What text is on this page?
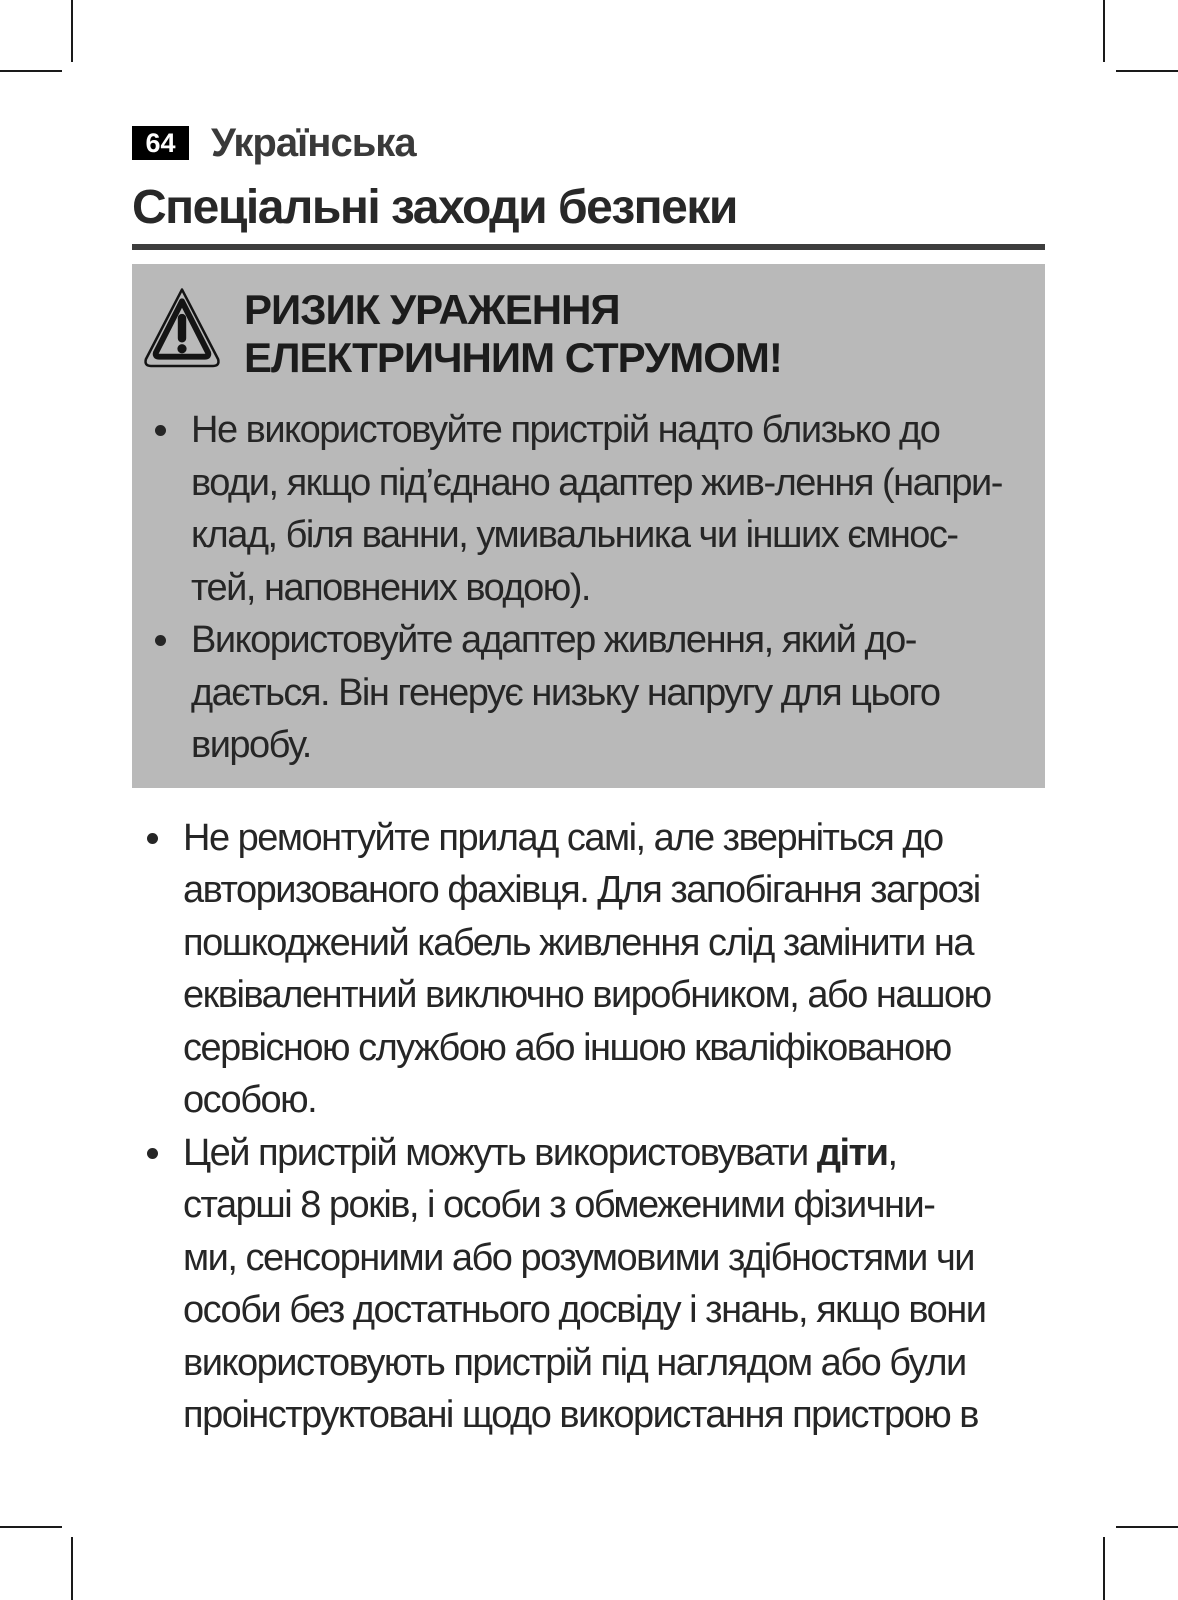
64 Українська
Спеціальні заходи безпеки
РИЗИК УРАЖЕННЯ
ЕЛЕКТРИЧНИМ СТРУМОМ!
Не використовуйте пристрій надто близько до
води, якщо під’єднано адаптер жив-лення (напри-
клад, біля ванни, умивальника чи інших ємнос-
тей, наповнених водою).
Використовуйте адаптер живлення, який до-
дається. Він генерує низьку напругу для цього
виробу.
Не ремонтуйте прилад самі, але зверніться до
авторизованого фахівця. Для запобігання загрозі
пошкоджений кабель живлення слід замінити на
еквівалентний виключно виробником, або нашою
сервісною службою або іншою кваліфікованою
особою.
Цей пристрій можуть використовувати діти,
старші 8 років, і особи з обмеженими фізични-
ми, сенсорними або розумовими здібностями чи
особи без достатнього досвіду і знань, якщо вони
використовують пристрій під наглядом або були
проінструктовані щодо використання пристрою в
